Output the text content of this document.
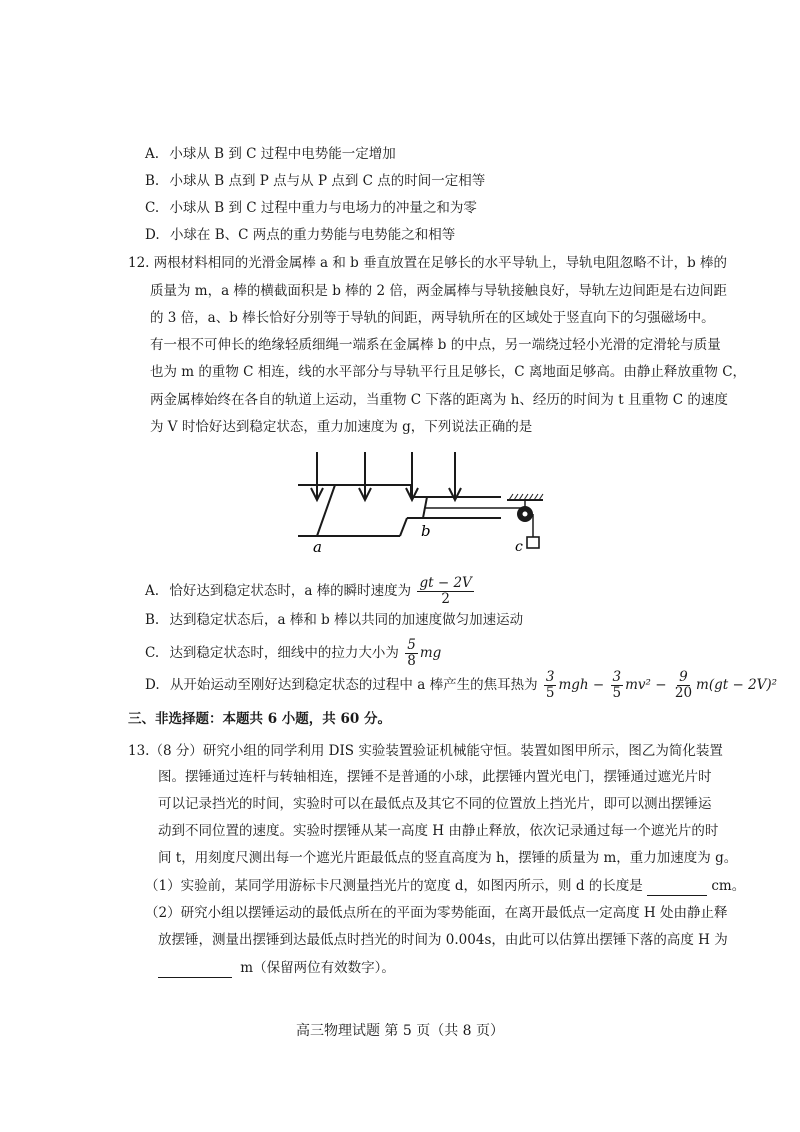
A. 小球从 B 到 C 过程中电势能一定增加
B. 小球从 B 点到 P 点与从 P 点到 C 点的时间一定相等
C. 小球从 B 到 C 过程中重力与电场力的冲量之和为零
D. 小球在 B、C 两点的重力势能与电势能之和相等
12. 两根材料相同的光滑金属棒 a 和 b 垂直放置在足够长的水平导轨上，导轨电阻忽略不计，b 棒的
质量为 m，a 棒的横截面积是 b 棒的 2 倍，两金属棒与导轨接触良好，导轨左边间距是右边间距
的 3 倍，a、b 棒长恰好分别等于导轨的间距，两导轨所在的区域处于竖直向下的匀强磁场中。
有一根不可伸长的绝缘轻质细绳一端系在金属棒 b 的中点，另一端绕过轻小光滑的定滑轮与质量
也为 m 的重物 C 相连，线的水平部分与导轨平行且足够长，C 离地面足够高。由静止释放重物 C，
两金属棒始终在各自的轨道上运动，当重物 C 下落的距离为 h、经历的时间为 t 且重物 C 的速度
为 V 时恰好达到稳定状态，重力加速度为 g，下列说法正确的是
a
b
c
A. 恰好达到稳定状态时，a 棒的瞬时速度为 $\frac{gt - 2V}{2}$
B. 达到稳定状态后，a 棒和 b 棒以共同的加速度做匀加速运动
C. 达到稳定状态时，细线中的拉力大小为 $\frac{5}{8}$ mg
D. 从开始运动至刚好达到稳定状态的过程中 a 棒产生的焦耳热为 $\frac{3}{5}$ mgh − $\frac{3}{5} mv^2 - \frac{9}{20} m(gt - 2V)^2$
三、非选择题：本题共 6 小题，共 60 分。
13.（8 分）研究小组的同学利用 DIS 实验装置验证机械能守恒。装置如图甲所示，图乙为简化装置
图。摆锤通过连杆与转轴相连，摆锤不是普通的小球，此摆锤内置光电门，摆锤通过遮光片时
可以记录挡光的时间，实验时可以在最低点及其它不同的位置放上挡光片，即可以测出摆锤运
动到不同位置的速度。实验时摆锤从某一高度 H 由静止释放，依次记录通过每一个遮光片的时
间 t，用刻度尺测出每一个遮光片距最低点的竖直高度为 h，摆锤的质量为 m，重力加速度为 g。
（1）实验前，某同学用游标卡尺测量挡光片的宽度 d，如图丙所示，则 d 的长度是	cm。
（2）研究小组以摆锤运动的最低点所在的平面为零势能面，在离开最低点一定高度 H 处由静止释
放摆锤，测量出摆锤到达最低点时挡光的时间为 0.004s，由此可以估算出摆锤下落的高度 H 为
m（保留两位有效数字）。
高三物理试题 第 5 页（共 8 页）
